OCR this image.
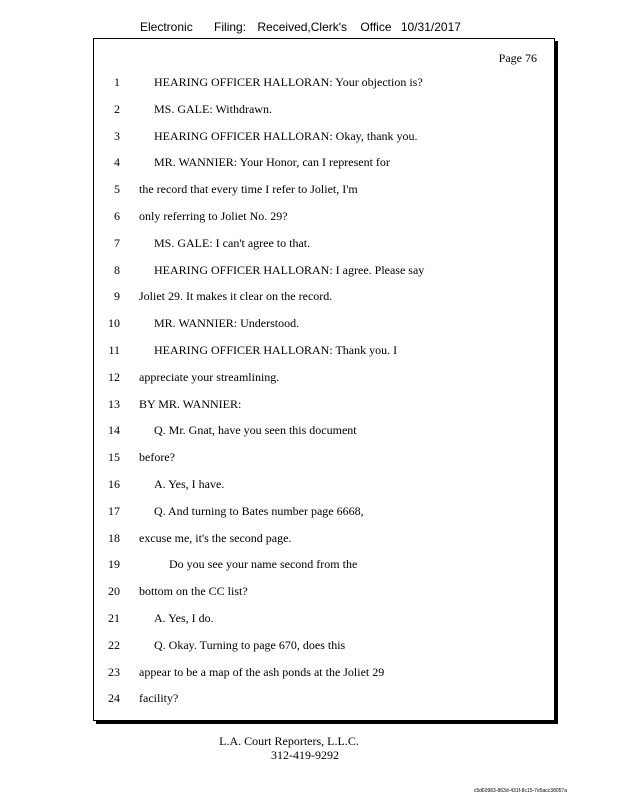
Electronic Filing: Received,Clerk's Office 10/31/2017
Page 76
1	HEARING OFFICER HALLORAN: Your objection is?
2	MS. GALE: Withdrawn.
3	HEARING OFFICER HALLORAN: Okay, thank you.
4	MR. WANNIER: Your Honor, can I represent for
5 the record that every time I refer to Joliet, I'm
6 only referring to Joliet No. 29?
7	MS. GALE: I can't agree to that.
8	HEARING OFFICER HALLORAN: I agree. Please say
9 Joliet 29. It makes it clear on the record.
10	MR. WANNIER: Understood.
11	HEARING OFFICER HALLORAN: Thank you. I
12 appreciate your streamlining.
13 BY MR. WANNIER:
14	Q. Mr. Gnat, have you seen this document
15 before?
16	A. Yes, I have.
17	Q. And turning to Bates number page 6668,
18 excuse me, it's the second page.
19	Do you see your name second from the
20 bottom on the CC list?
21	A. Yes, I do.
22	Q. Okay. Turning to page 670, does this
23 appear to be a map of the ash ponds at the Joliet 29
24 facility?
L.A. Court Reporters, L.L.C.
312-419-9292
c5d60983-863d-431f-8c15-7e5acc38057a
